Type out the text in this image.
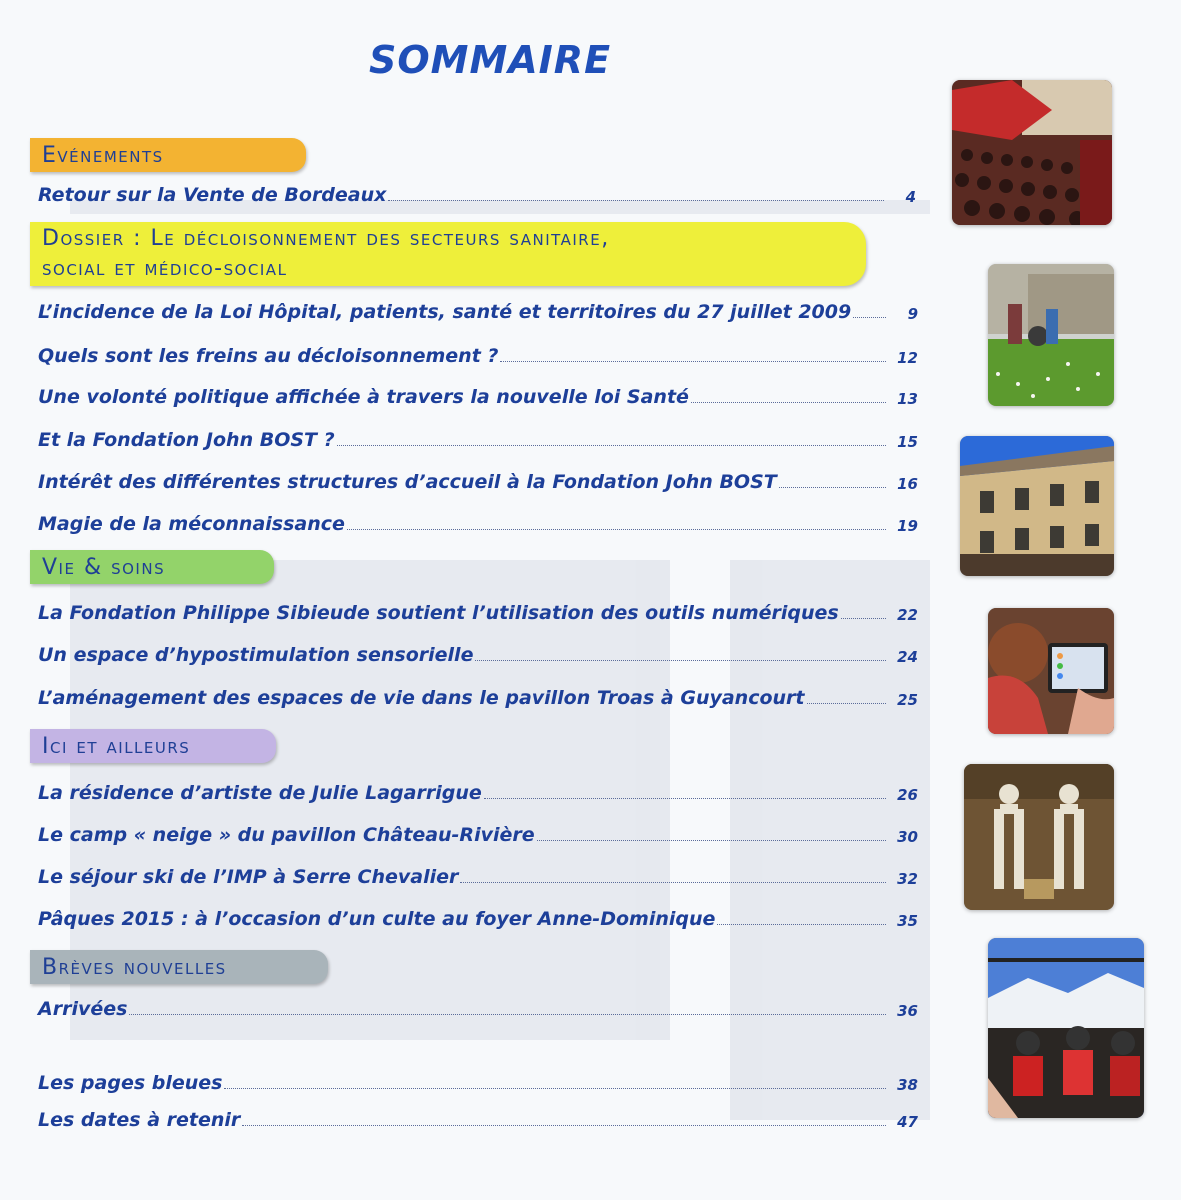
SOMMAIRE
Evénements
Retour sur la Vente de Bordeaux	4
Dossier : Le décloisonnement des secteurs sanitaire,
social et médico-social
L’incidence de la Loi Hôpital, patients, santé et territoires du 27 juillet 2009	9
Quels sont les freins au décloisonnement ?	12
Une volonté politique affichée à travers la nouvelle loi Santé	13
Et la Fondation John BOST ?	15
Intérêt des différentes structures d’accueil à la Fondation John BOST	16
Magie de la méconnaissance	19
Vie & soins
La Fondation Philippe Sibieude soutient l’utilisation des outils numériques	22
Un espace d’hypostimulation sensorielle	24
L’aménagement des espaces de vie dans le pavillon Troas à Guyancourt	25
Ici et ailleurs
La résidence d’artiste de Julie Lagarrigue	26
Le camp « neige » du pavillon Château-Rivière	30
Le séjour ski de l’IMP à Serre Chevalier	32
Pâques 2015 : à l’occasion d’un culte au foyer Anne-Dominique	35
Brèves nouvelles
Arrivées	36
Les pages bleues	38
Les dates à retenir	47
